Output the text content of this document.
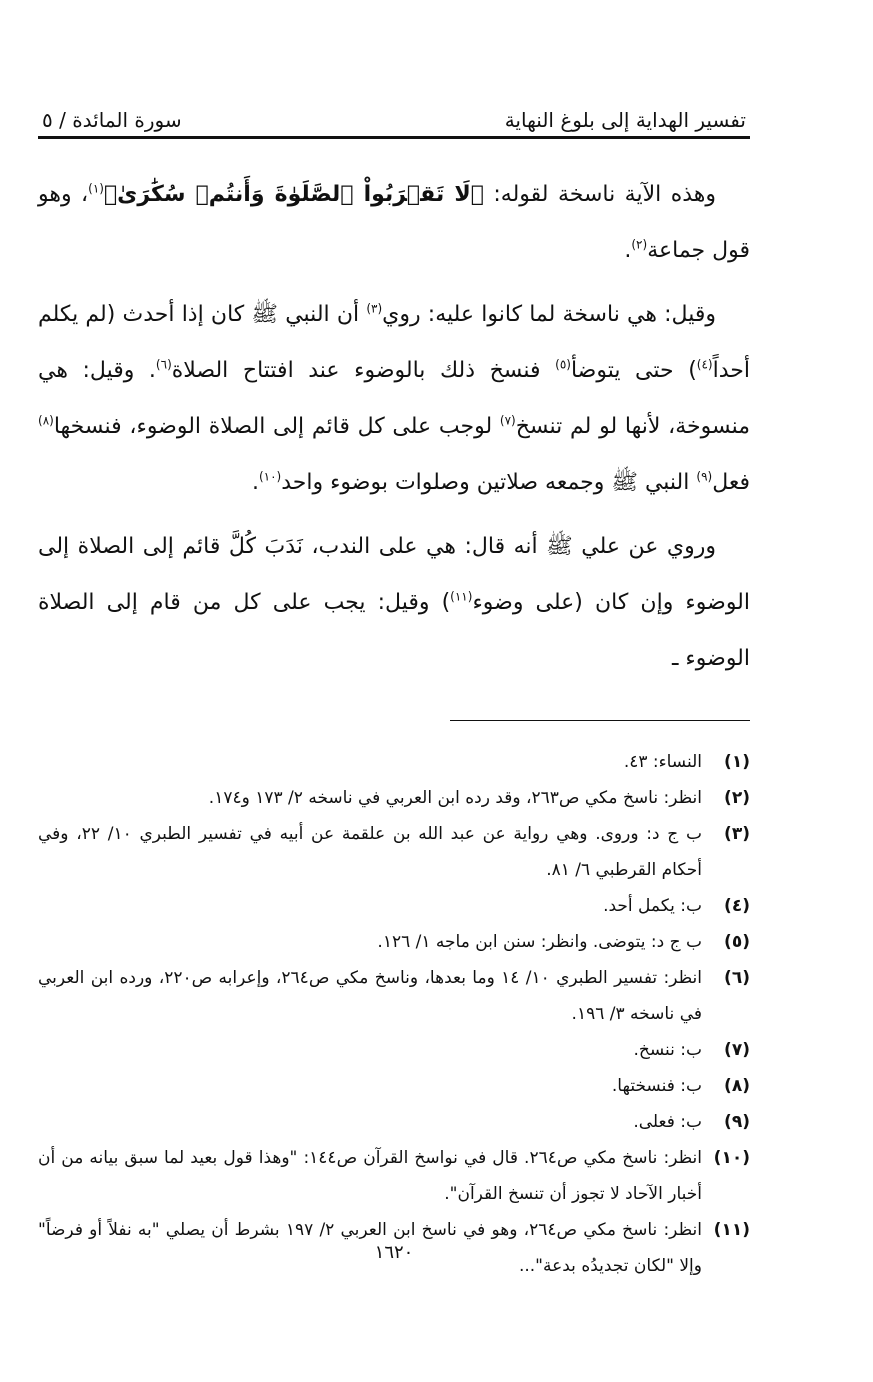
تفسير الهداية إلى بلوغ النهاية
سورة المائدة / ٥

وهذه الآية ناسخة لقوله: ﴿لَا تَقۡرَبُواْ ٱلصَّلَوٰةَ وَأَنتُمۡ سُكَٰرَىٰ﴾$^{(١)}$، وهو قول جماعة$^{(٢)}$.

وقيل: هي ناسخة لما كانوا عليه: روي$^{(٣)}$ أن النبي ﷺ كان إذا أحدث (لم يكلم أحداً$^{(٤)}$) حتى يتوضأ$^{(٥)}$ فنسخ ذلك بالوضوء عند افتتاح الصلاة$^{(٦)}$. وقيل: هي منسوخة، لأنها لو لم تنسخ$^{(٧)}$ لوجب على كل قائم إلى الصلاة الوضوء، فنسخها$^{(٨)}$ فعل$^{(٩)}$ النبي ﷺ وجمعه صلاتين وصلوات بوضوء واحد$^{(١٠)}$.

وروي عن علي ﷺ أنه قال: هي على الندب، نَدَبَ كُلَّ قائم إلى الصلاة إلى الوضوء وإن كان (على وضوء$^{(١١)}$) وقيل: يجب على كل من قام إلى الصلاة الوضوء ـ

(١)
النساء: ٤٣.
(٢)
انظر: ناسخ مكي ص٢٦٣، وقد رده ابن العربي في ناسخه ٢/ ١٧٣ و١٧٤.
(٣)
ب ج د: وروى. وهي رواية عن عبد الله بن علقمة عن أبيه في تفسير الطبري ١٠/ ٢٢، وفي أحكام القرطبي ٦/ ٨١.
(٤)
ب: يكمل أحد.
(٥)
ب ج د: يتوضى. وانظر: سنن ابن ماجه ١/ ١٢٦.
(٦)
انظر: تفسير الطبري ١٠/ ١٤ وما بعدها، وناسخ مكي ص٢٦٤، وإعرابه ص٢٢٠، ورده ابن العربي في ناسخه ٣/ ١٩٦.
(٧)
ب: ننسخ.
(٨)
ب: فنسختها.
(٩)
ب: فعلى.
(١٠)
انظر: ناسخ مكي ص٢٦٤. قال في نواسخ القرآن ص١٤٤: "وهذا قول بعيد لما سبق بيانه من أن أخبار الآحاد لا تجوز أن تنسخ القرآن".
(١١)
انظر: ناسخ مكي ص٢٦٤، وهو في ناسخ ابن العربي ٢/ ١٩٧ بشرط أن يصلي "به نفلاً أو فرضاً" وإلا "لكان تجديدُه بدعة"...
١٦٢٠
